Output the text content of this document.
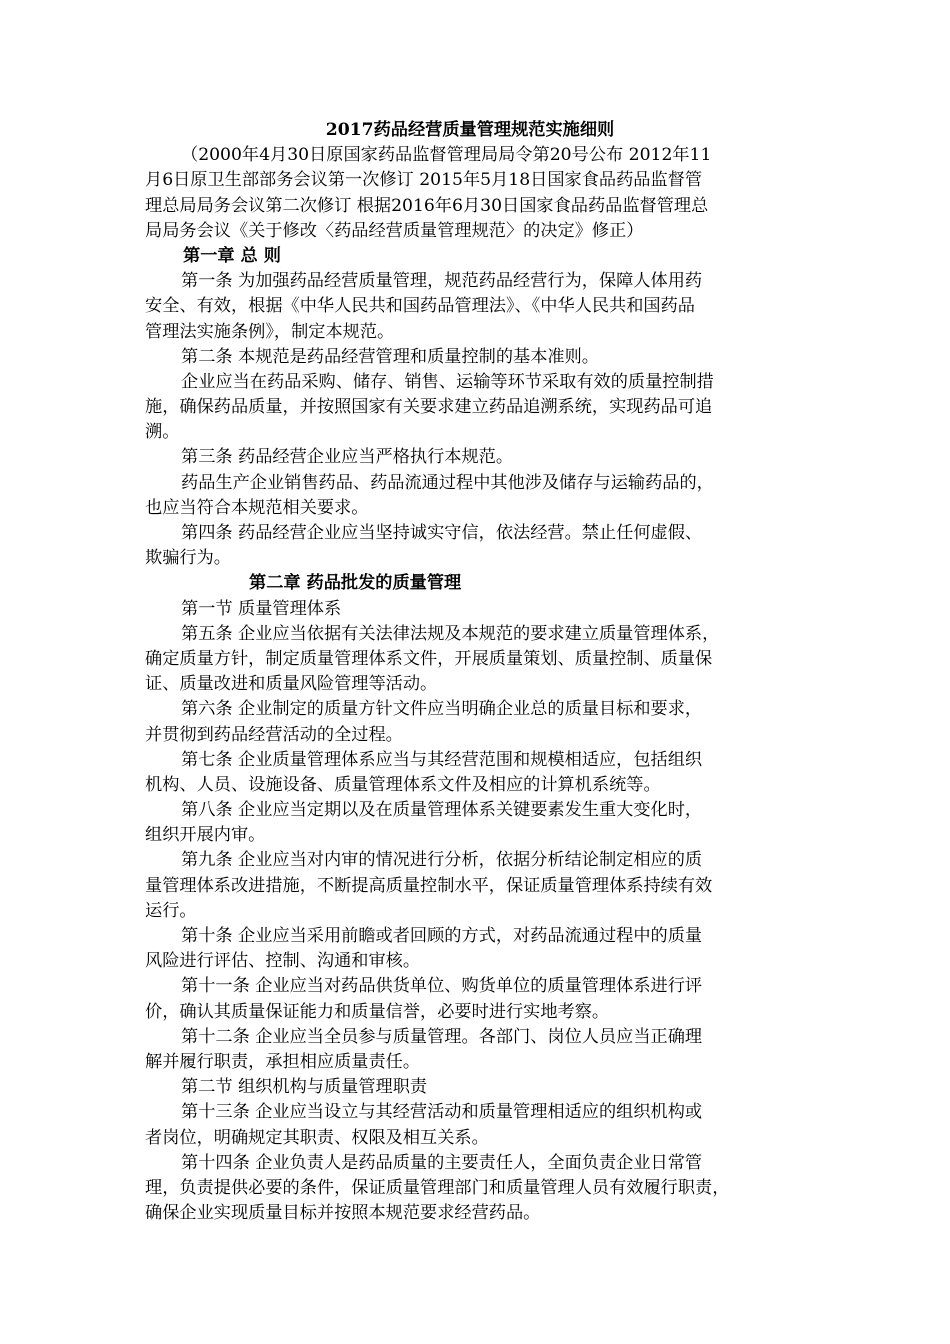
2017药品经营质量管理规范实施细则
（2000年4月30日原国家药品监督管理局局令第20号公布 2012年11
月6日原卫生部部务会议第一次修订 2015年5月18日国家食品药品监督管
理总局局务会议第二次修订 根据2016年6月30日国家食品药品监督管理总
局局务会议《关于修改〈药品经营质量管理规范〉的决定》修正）
第一章 总 则
第一条 为加强药品经营质量管理，规范药品经营行为，保障人体用药
安全、有效，根据《中华人民共和国药品管理法》、《中华人民共和国药品
管理法实施条例》，制定本规范。
第二条 本规范是药品经营管理和质量控制的基本准则。
企业应当在药品采购、储存、销售、运输等环节采取有效的质量控制措
施，确保药品质量，并按照国家有关要求建立药品追溯系统，实现药品可追
溯。
第三条 药品经营企业应当严格执行本规范。
药品生产企业销售药品、药品流通过程中其他涉及储存与运输药品的，
也应当符合本规范相关要求。
第四条 药品经营企业应当坚持诚实守信，依法经营。禁止任何虚假、
欺骗行为。
第二章 药品批发的质量管理
第一节 质量管理体系
第五条 企业应当依据有关法律法规及本规范的要求建立质量管理体系，
确定质量方针，制定质量管理体系文件，开展质量策划、质量控制、质量保
证、质量改进和质量风险管理等活动。
第六条 企业制定的质量方针文件应当明确企业总的质量目标和要求，
并贯彻到药品经营活动的全过程。
第七条 企业质量管理体系应当与其经营范围和规模相适应，包括组织
机构、人员、设施设备、质量管理体系文件及相应的计算机系统等。
第八条 企业应当定期以及在质量管理体系关键要素发生重大变化时，
组织开展内审。
第九条 企业应当对内审的情况进行分析，依据分析结论制定相应的质
量管理体系改进措施，不断提高质量控制水平，保证质量管理体系持续有效
运行。
第十条 企业应当采用前瞻或者回顾的方式，对药品流通过程中的质量
风险进行评估、控制、沟通和审核。
第十一条 企业应当对药品供货单位、购货单位的质量管理体系进行评
价，确认其质量保证能力和质量信誉，必要时进行实地考察。
第十二条 企业应当全员参与质量管理。各部门、岗位人员应当正确理
解并履行职责，承担相应质量责任。
第二节 组织机构与质量管理职责
第十三条 企业应当设立与其经营活动和质量管理相适应的组织机构或
者岗位，明确规定其职责、权限及相互关系。
第十四条 企业负责人是药品质量的主要责任人，全面负责企业日常管
理，负责提供必要的条件，保证质量管理部门和质量管理人员有效履行职责，
确保企业实现质量目标并按照本规范要求经营药品。
